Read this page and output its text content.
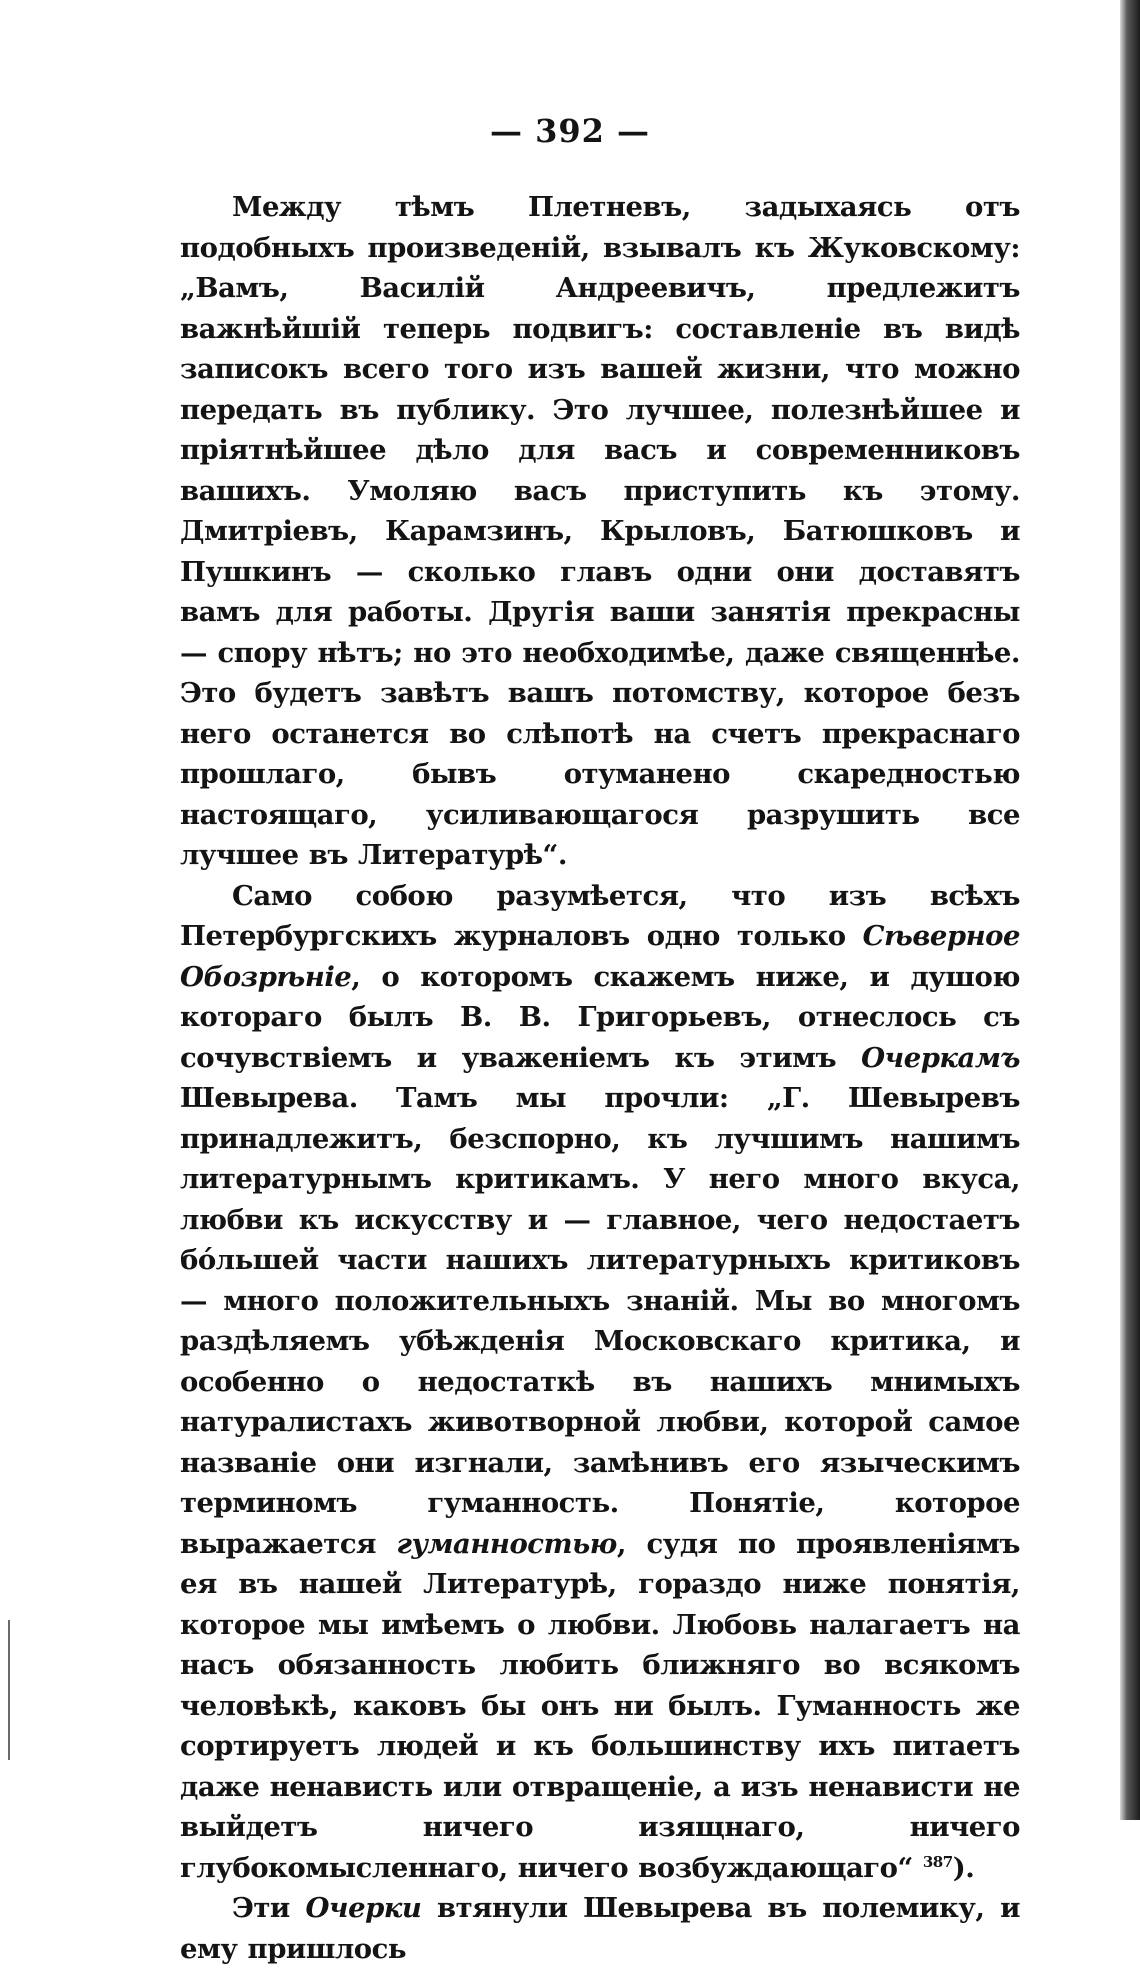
— 392 —

Между тѣмъ Плетневъ, задыхаясь отъ подобныхъ произведеній, взывалъ къ Жуковскому: „Вамъ, Василій Андреевичъ, предлежитъ важнѣйшій теперь подвигъ: составленіе въ видѣ записокъ всего того изъ вашей жизни, что можно передать въ публику. Это лучшее, полезнѣйшее и пріятнѣйшее дѣло для васъ и современниковъ вашихъ. Умоляю васъ приступить къ этому. Дмитріевъ, Карамзинъ, Крыловъ, Батюшковъ и Пушкинъ — сколько главъ одни они доставятъ вамъ для работы. Другія ваши занятія прекрасны — спору нѣтъ; но это необходимѣе, даже священнѣе. Это будетъ завѣтъ вашъ потомству, которое безъ него останется во слѣпотѣ на счетъ прекраснаго прошлаго, бывъ отуманено скаредностью настоящаго, усиливающагося разрушить все лучшее въ Литературѣ“.

Само собою разумѣется, что изъ всѣхъ Петербургскихъ журналовъ одно только Сѣверное Обозрѣніе, о которомъ скажемъ ниже, и душою котораго былъ В. В. Григорьевъ, отнеслось съ сочувствіемъ и уваженіемъ къ этимъ Очеркамъ Шевырева. Тамъ мы прочли: „Г. Шевыревъ принадлежитъ, безспорно, къ лучшимъ нашимъ литературнымъ критикамъ. У него много вкуса, любви къ искусству и — главное, чего недостаетъ бо́льшей части нашихъ литературныхъ критиковъ — много положительныхъ знаній. Мы во многомъ раздѣляемъ убѣжденія Московскаго критика, и особенно о недостаткѣ въ нашихъ мнимыхъ натуралистахъ животворной любви, которой самое названіе они изгнали, замѣнивъ его языческимъ терминомъ гуманность. Понятіе, которое выражается гуманностью, судя по проявленіямъ ея въ нашей Литературѣ, гораздо ниже понятія, которое мы имѣемъ о любви. Любовь налагаетъ на насъ обязанность любить ближняго во всякомъ человѣкѣ, каковъ бы онъ ни былъ. Гуманность же сортируетъ людей и къ большинству ихъ питаетъ даже ненависть или отвращеніе, а изъ ненависти не выйдетъ ничего изящнаго, ничего глубокомысленнаго, ничего возбуждающаго“ $^{387}$).

Эти Очерки втянули Шевырева въ полемику, и ему пришлось
